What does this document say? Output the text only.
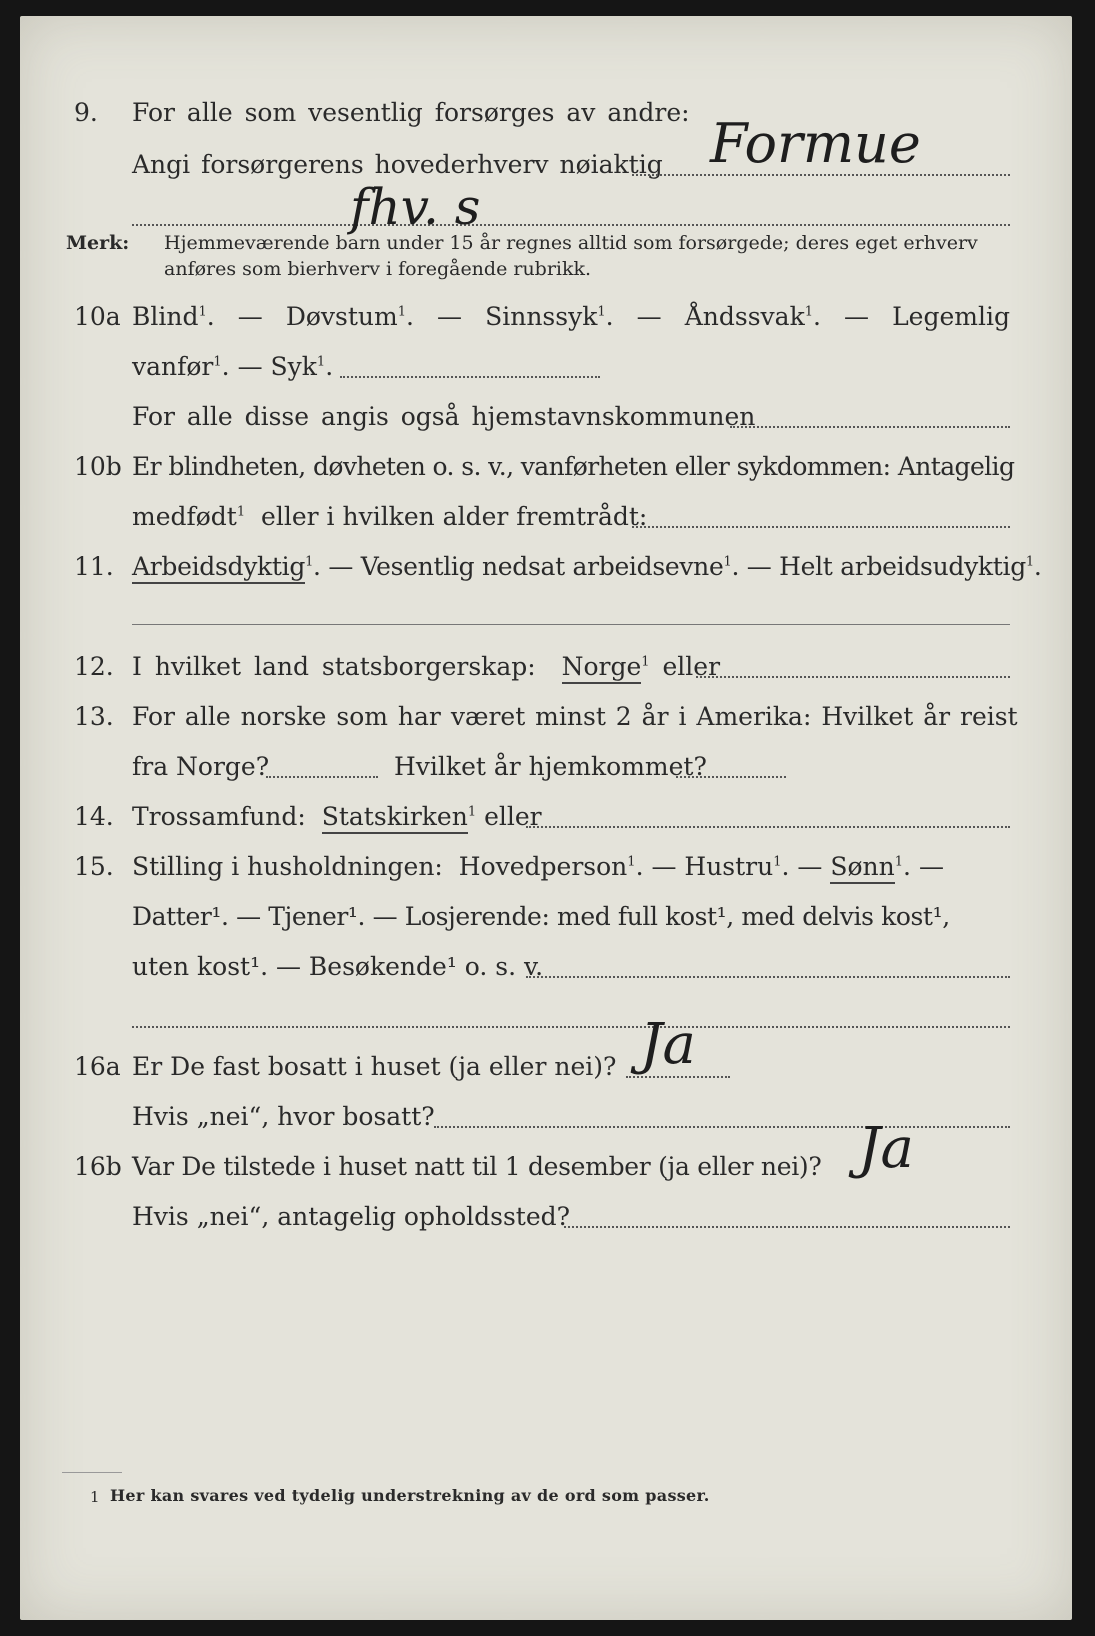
9. For alle som vesentlig forsørges av andre:
Angi forsørgerens hovederhverv nøiaktig Formue
fhv. s
Merk: Hjemmeværende barn under 15 år regnes alltid som forsørgede; deres eget erhverv
anføres som bierhverv i foregående rubrikk.
10a Blind$^1$. — Døvstum$^1$. — Sinnssyk$^1$. — Åndssvak$^1$. — Legemlig
vanfør$^1$. — Syk$^1$.
For alle disse angis også hjemstavnskommunen
10b Er blindheten, døvheten o. s. v., vanførheten eller sykdommen: Antagelig
medfødt$^1$ eller i hvilken alder fremtrådt:
11. Arbeidsdyktig$^1$. — Vesentlig nedsat arbeidsevne$^1$. — Helt arbeidsudyktig$^1$.
12. I hvilket land statsborgerskap: Norge$^1$ eller
13. For alle norske som har været minst 2 år i Amerika: Hvilket år reist
fra Norge?	Hvilket år hjemkommet?
14. Trossamfund: Statskirken$^1$ eller
15. Stilling i husholdningen: Hovedperson$^1$. — Hustru$^1$. — Sønn$^1$. —
Datter¹. — Tjener¹. — Losjerende: med full kost¹, med delvis kost¹,
uten kost¹. — Besøkende¹ o. s. v.
16a Er De fast bosatt i huset (ja eller nei)? Ja
Hvis „nei“, hvor bosatt?
16b Var De tilstede i huset natt til 1 desember (ja eller nei)? Ja
Hvis „nei“, antagelig opholdssted?
1 Her kan svares ved tydelig understrekning av de ord som passer.
